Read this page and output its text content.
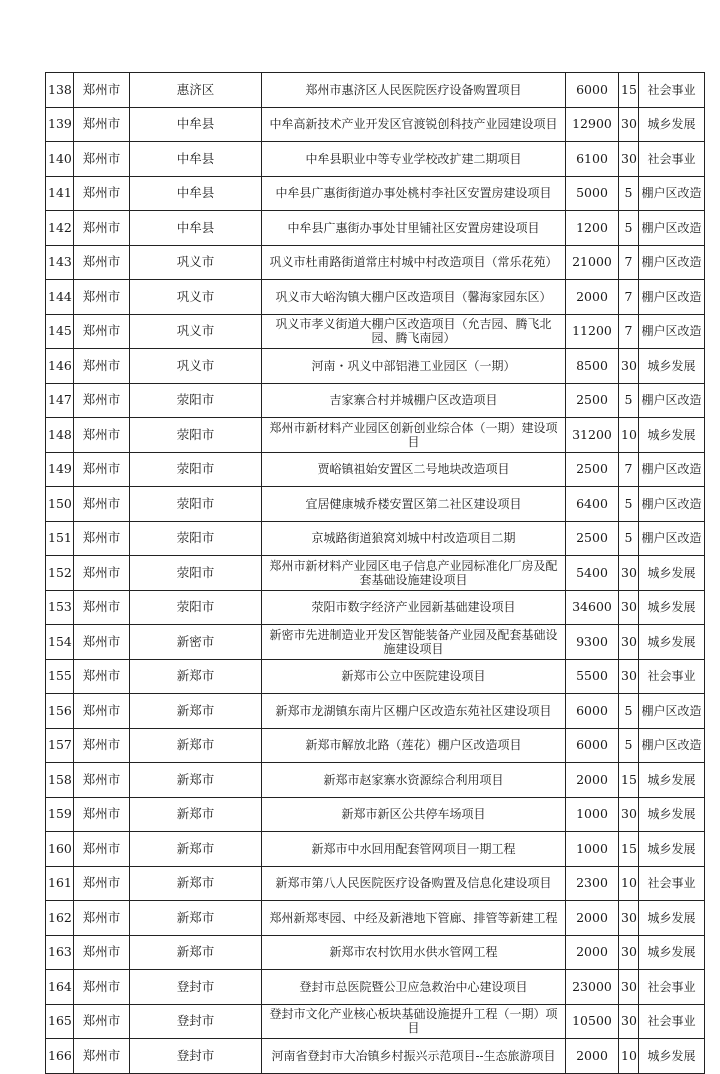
138	郑州市	惠济区	郑州市惠济区人民医院医疗设备购置项目	6000	15	社会事业
139	郑州市	中牟县	中牟高新技术产业开发区官渡锐创科技产业园建设项目	12900	30	城乡发展
140	郑州市	中牟县	中牟县职业中等专业学校改扩建二期项目	6100	30	社会事业
141	郑州市	中牟县	中牟县广惠街街道办事处桃村李社区安置房建设项目	5000	5	棚户区改造
142	郑州市	中牟县	中牟县广惠街办事处甘里铺社区安置房建设项目	1200	5	棚户区改造
143	郑州市	巩义市	巩义市杜甫路街道常庄村城中村改造项目（常乐花苑）	21000	7	棚户区改造
144	郑州市	巩义市	巩义市大峪沟镇大棚户区改造项目（馨海家园东区）	2000	7	棚户区改造
145	郑州市	巩义市	巩义市孝义街道大棚户区改造项目（允吉园、腾飞北园、腾飞南园）	11200	7	棚户区改造
146	郑州市	巩义市	河南・巩义中部铝港工业园区（一期）	8500	30	城乡发展
147	郑州市	荥阳市	吉家寨合村并城棚户区改造项目	2500	5	棚户区改造
148	郑州市	荥阳市	郑州市新材料产业园区创新创业综合体（一期）建设项目	31200	10	城乡发展
149	郑州市	荥阳市	贾峪镇祖始安置区二号地块改造项目	2500	7	棚户区改造
150	郑州市	荥阳市	宜居健康城乔楼安置区第二社区建设项目	6400	5	棚户区改造
151	郑州市	荥阳市	京城路街道狼窝刘城中村改造项目二期	2500	5	棚户区改造
152	郑州市	荥阳市	郑州市新材料产业园区电子信息产业园标准化厂房及配套基础设施建设项目	5400	30	城乡发展
153	郑州市	荥阳市	荥阳市数字经济产业园新基础建设项目	34600	30	城乡发展
154	郑州市	新密市	新密市先进制造业开发区智能装备产业园及配套基础设施建设项目	9300	30	城乡发展
155	郑州市	新郑市	新郑市公立中医院建设项目	5500	30	社会事业
156	郑州市	新郑市	新郑市龙湖镇东南片区棚户区改造东苑社区建设项目	6000	5	棚户区改造
157	郑州市	新郑市	新郑市解放北路（莲花）棚户区改造项目	6000	5	棚户区改造
158	郑州市	新郑市	新郑市赵家寨水资源综合利用项目	2000	15	城乡发展
159	郑州市	新郑市	新郑市新区公共停车场项目	1000	30	城乡发展
160	郑州市	新郑市	新郑市中水回用配套管网项目一期工程	1000	15	城乡发展
161	郑州市	新郑市	新郑市第八人民医院医疗设备购置及信息化建设项目	2300	10	社会事业
162	郑州市	新郑市	郑州新郑枣园、中经及新港地下管廊、排管等新建工程	2000	30	城乡发展
163	郑州市	新郑市	新郑市农村饮用水供水管网工程	2000	30	城乡发展
164	郑州市	登封市	登封市总医院暨公卫应急救治中心建设项目	23000	30	社会事业
165	郑州市	登封市	登封市文化产业核心板块基础设施提升工程（一期）项目	10500	30	社会事业
166	郑州市	登封市	河南省登封市大冶镇乡村振兴示范项目--生态旅游项目	2000	10	城乡发展
